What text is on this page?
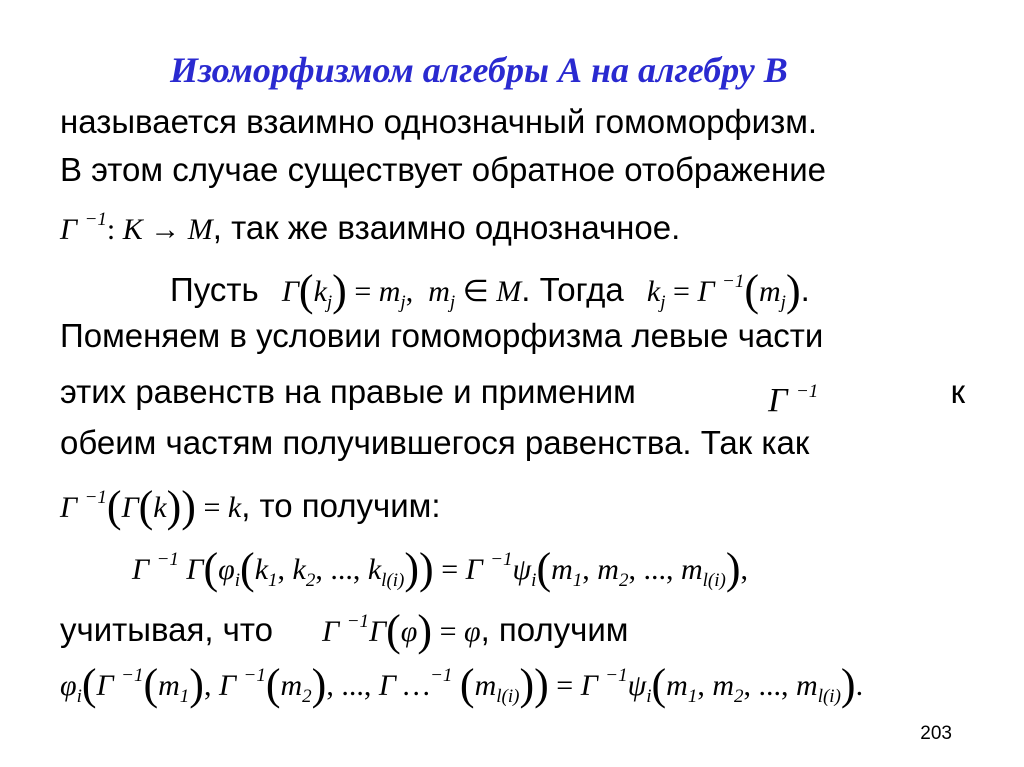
Изоморфизмом алгебры А на алгебру В
называется взаимно однозначный гомоморфизм.
В этом случае существует обратное отображение
Γ $^{-1}$: K → M, так же взаимно однозначное.
Пусть $\Gamma(k_j) = m_j$,  $m_j$ ∈ M. Тогда $k_j = \Gamma$ $^{-1}(m_j)$.
Поменяем в условии гомоморфизма левые части
этих равенств на правые и применим	Γ $^{-1}$	к
обеим частям получившегося равенства. Так как
Γ $^{-1}$(Γ(k)) = k, то получим:
Γ $^{-1}$ $\Gamma(\varphi_i(k_1$, $k_2$, ..., $k_{l(i)})) = \Gamma$ $^{-1}\psi_i(m_1$, $m_2$, ..., $m_{l(i)}$),
учитывая, что Γ $^{-1}$Γ(φ) = φ, получим
$\varphi_i(\Gamma$ $^{-1}(m_1)$, Γ $^{-1}(m_2)$, ..., Γ …$^{-1}$ $(m_{l(i)})) = \Gamma$ $^{-1}\psi_i(m_1$, $m_2$, ..., $m_{l(i)}$).
203
